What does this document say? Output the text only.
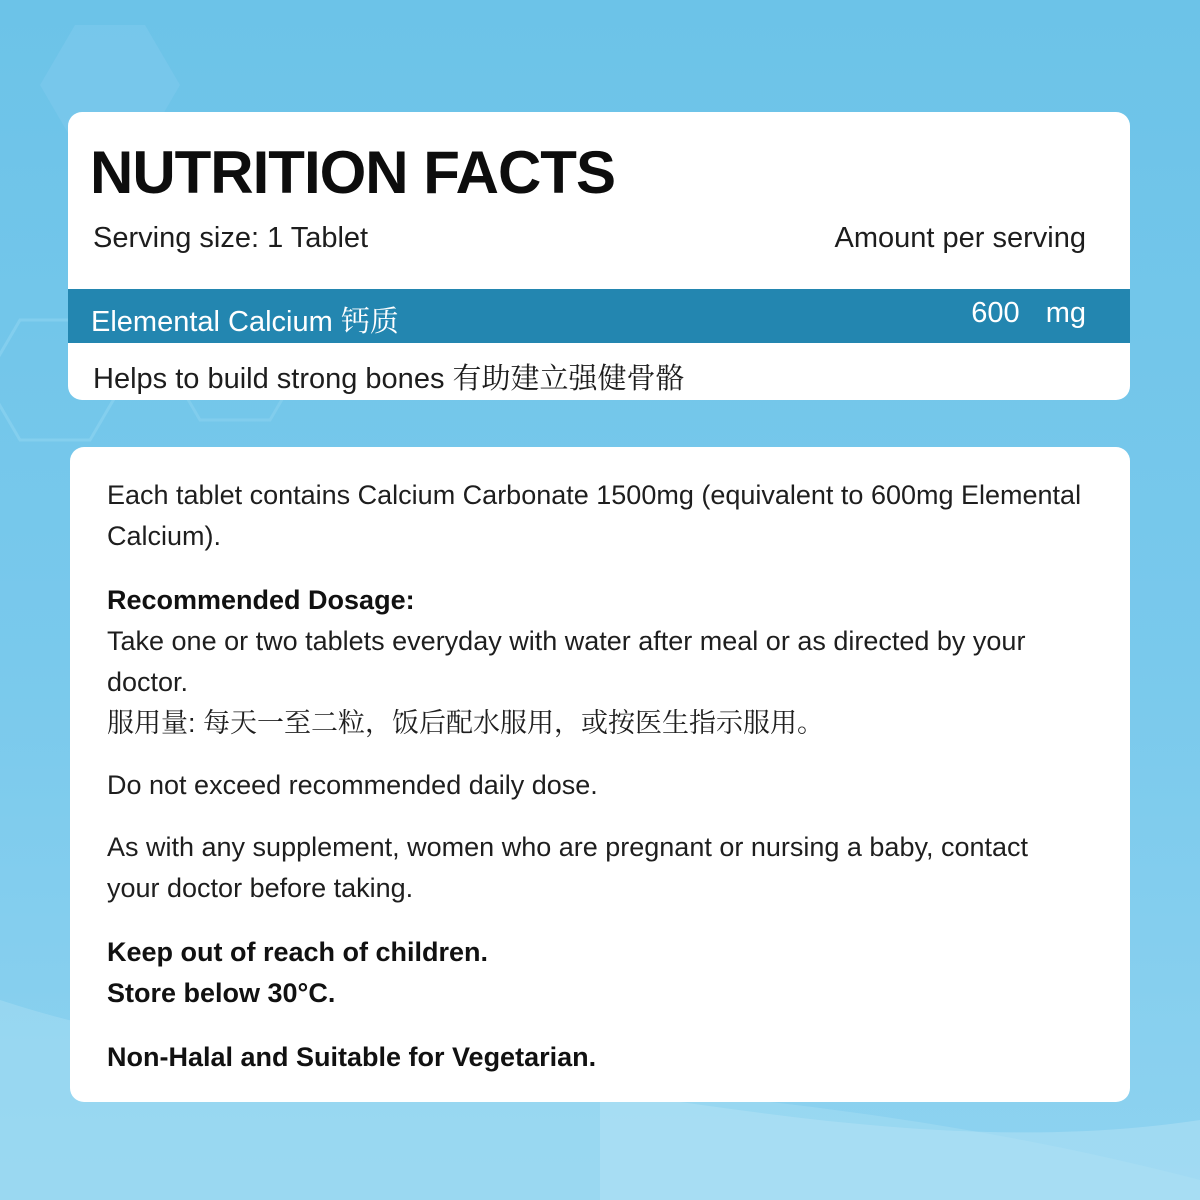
NUTRITION FACTS
Serving size: 1 Tablet	Amount per serving
Elemental Calcium 钙质	600 mg
Helps to build strong bones 有助建立强健骨骼

Each tablet contains Calcium Carbonate 1500mg (equivalent to 600mg Elemental Calcium).

Recommended Dosage:

Take one or two tablets everyday with water after meal or as directed by your doctor.

服用量: 每天一至二粒，饭后配水服用，或按医生指示服用。

Do not exceed recommended daily dose.

As with any supplement, women who are pregnant or nursing a baby, contact your doctor before taking.

Keep out of reach of children.

Store below 30°C.

Non-Halal and Suitable for Vegetarian.
